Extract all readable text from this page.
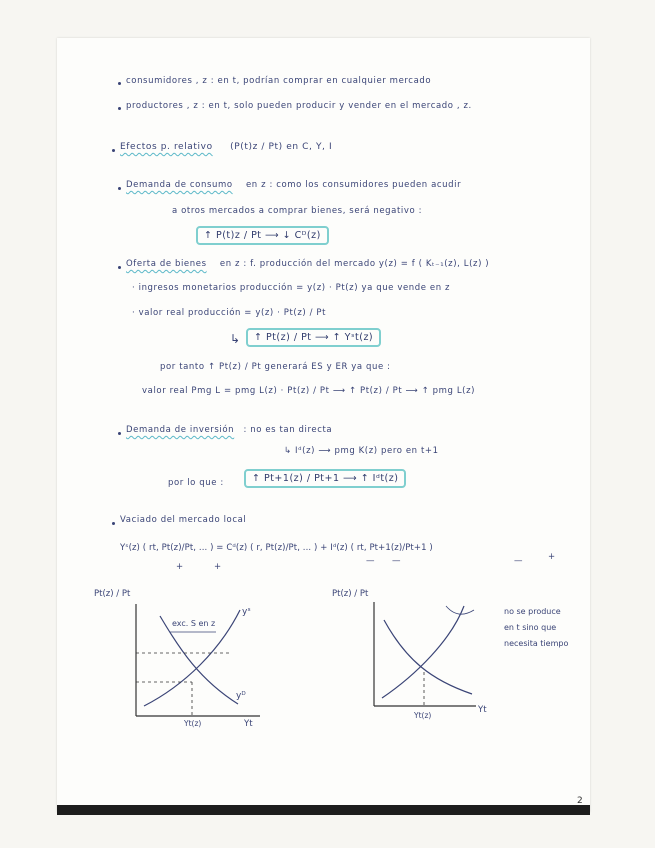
consumidores , z : en t, podrían comprar en cualquier mercado
productores , z : en t, solo pueden producir y vender en el mercado , z.
Efectos p. relativo (P(t)z / Pt) en C, Y, I
Demanda de consumo en z : como los consumidores pueden acudir
a otros mercados a comprar bienes, será negativo :
↑ P(t)z / Pt ⟶ ↓ Cᴰ(z)
Oferta de bienes en z : f. producción del mercado y(z) = f ( Kₜ₋₁(z), L(z) )
· ingresos monetarios producción = y(z) · Pt(z) ya que vende en z
· valor real producción = y(z) · Pt(z) / Pt
↳	↑ Pt(z) / Pt ⟶ ↑ Yˢt(z)
por tanto ↑ Pt(z) / Pt generará ES y ER ya que :
valor real Pmg L = pmg L(z) · Pt(z) / Pt ⟶ ↑ Pt(z) / Pt ⟶ ↑ pmg L(z)
Demanda de inversión : no es tan directa
↳ Iᵈ(z) ⟶ pmg K(z) pero en t+1
por lo que :	↑ Pt+1(z) / Pt+1 ⟶ ↑ Iᵈt(z)
Vaciado del mercado local
Yˢ(z) ( rt, Pt(z)/Pt, ... ) = Cᵈ(z) ( r, Pt(z)/Pt, ... ) + Iᵈ(z) ( rt, Pt+1(z)/Pt+1 )
+	+
— —	—	+
Pt(z) / Pt
exc. S en z
yˢ
yᴰ
Yt(z)	Yt
Pt(z) / Pt
no se produce
en t sino que
necesita tiempo
Yt(z)
Yt
2
